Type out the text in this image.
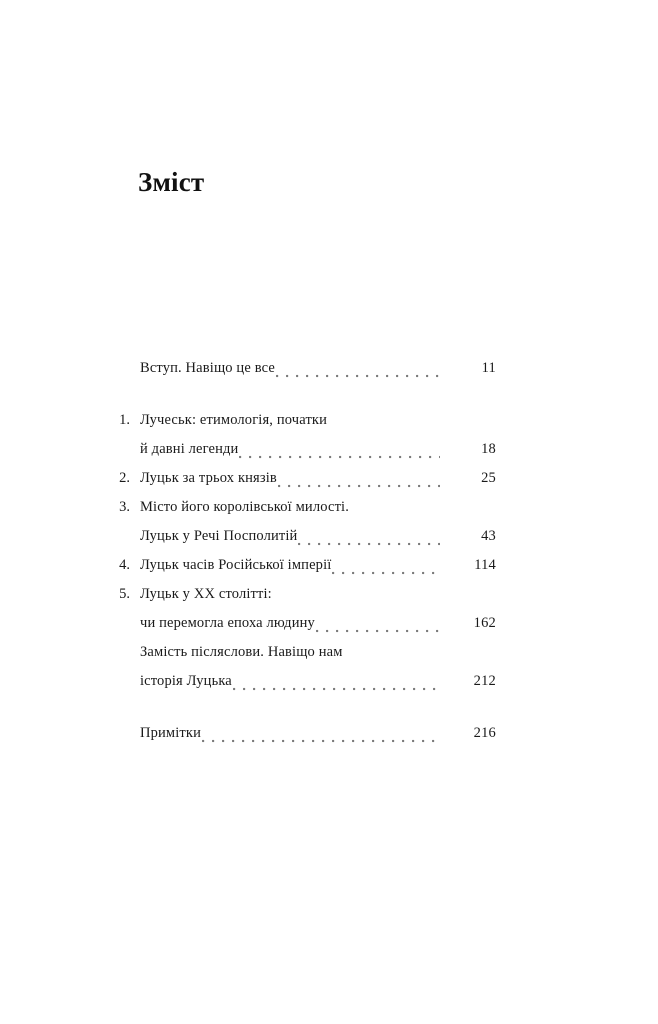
Зміст

Вступ. Навіщо це все	11
1. Лучеськ: етимологія, початки
й давні легенди	18
2. Луцьк за трьох князів	25
3. Місто його королівської милості.
Луцьк у Речі Посполитій	43
4. Луцьк часів Російської імперії	114
5. Луцьк у XX столітті:
чи перемогла епоха людину	162

Замість післяслови. Навіщо нам

історія Луцька	212

Примітки	216
